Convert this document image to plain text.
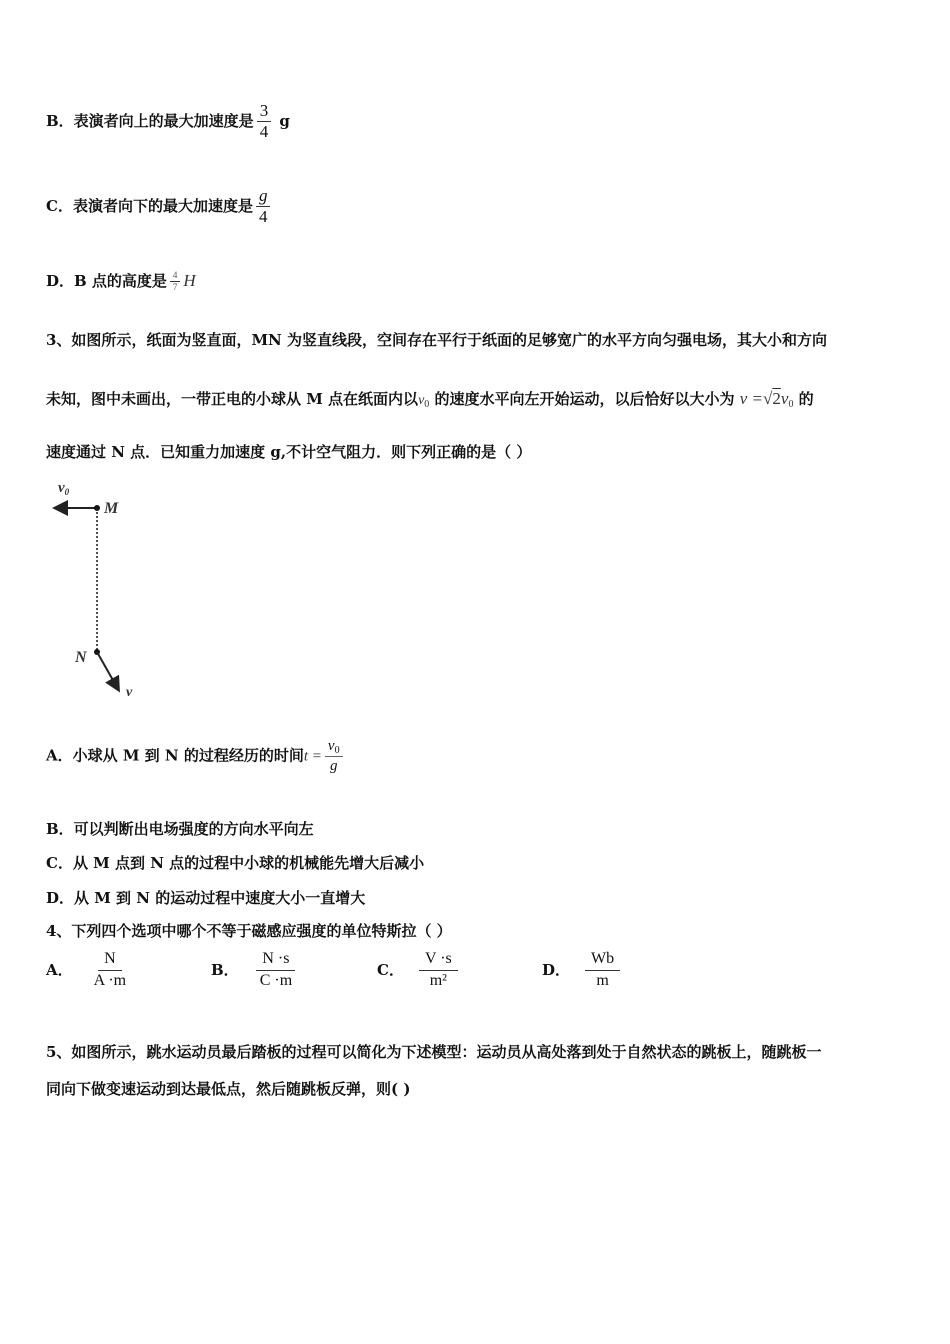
B．表演者向上的最大加速度是 $\frac{3}{4}$ g
C．表演者向下的最大加速度是 $\frac{g}{4}$
D．B 点的高度是 $\frac{4}{7}$ H
3、如图所示，纸面为竖直面，MN 为竖直线段，空间存在平行于纸面的足够宽广的水平方向匀强电场，其大小和方向
未知，图中未画出，一带正电的小球从 M 点在纸面内以$v_0$ 的速度水平向左开始运动，以后恰好以大小为 $v =√2v_0$ 的
速度通过 N 点．已知重力加速度 g,不计空气阻力．则下列正确的是（ ）
$v_0$
M
N
v
A．小球从 M 到 N 的过程经历的时间$t = \frac{v_0}{g}$
B．可以判断出电场强度的方向水平向左
C．从 M 点到 N 点的过程中小球的机械能先增大后减小
D．从 M 到 N 的运动过程中速度大小一直增大
4、下列四个选项中哪个不等于磁感应强度的单位特斯拉（ ）
A． $\frac{N}{A \cdot m}$	B． $\frac{N \cdot s}{C \cdot m}$	C． $\frac{V \cdot s}{\text{m²}}$	D． $\frac{Wb}{m}$
5、如图所示，跳水运动员最后踏板的过程可以简化为下述模型：运动员从高处落到处于自然状态的跳板上，随跳板一
同向下做变速运动到达最低点，然后随跳板反弹，则( )
